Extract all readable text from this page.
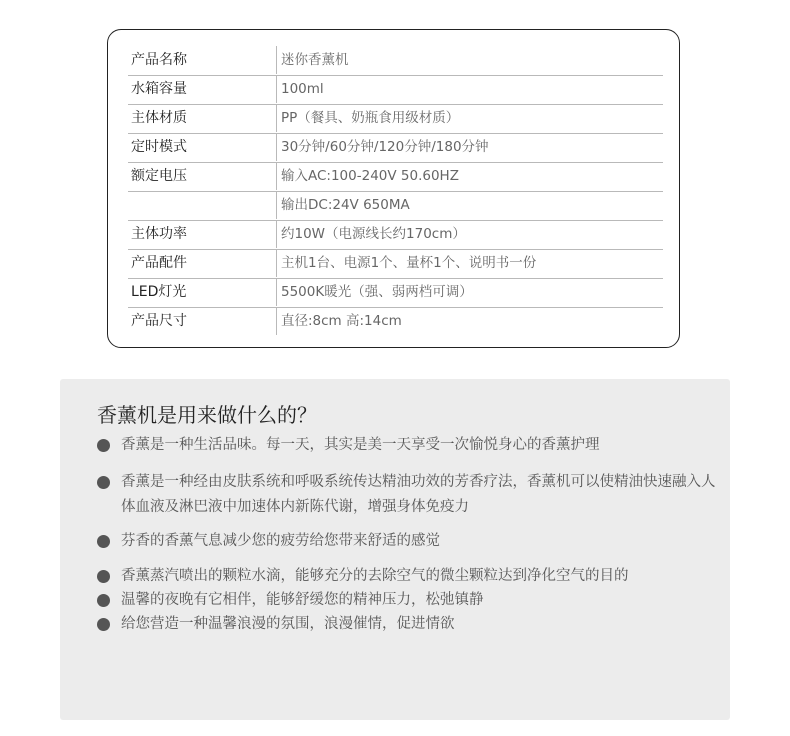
产品名称	迷你香薰机
水箱容量	100ml
主体材质	PP（餐具、奶瓶食用级材质）
定时模式	30分钟/60分钟/120分钟/180分钟
额定电压	输入AC:100-240V 50.60HZ
输出DC:24V 650MA
主体功率	约10W（电源线长约170cm）
产品配件	主机1台、电源1个、量杯1个、说明书一份
LED灯光	5500K暖光（强、弱两档可调）
产品尺寸	直径:8cm 高:14cm
香薰机是用来做什么的？
香薰是一种生活品味。每一天，其实是美一天享受一次愉悦身心的香薰护理
香薰是一种经由皮肤系统和呼吸系统传达精油功效的芳香疗法，香薰机可以使精油快速融入人体血液及淋巴液中加速体内新陈代谢，增强身体免疫力
芬香的香薰气息减少您的疲劳给您带来舒适的感觉
香薰蒸汽喷出的颗粒水滴，能够充分的去除空气的微尘颗粒达到净化空气的目的
温馨的夜晚有它相伴，能够舒缓您的精神压力，松弛镇静
给您营造一种温馨浪漫的氛围，浪漫催情，促进情欲
